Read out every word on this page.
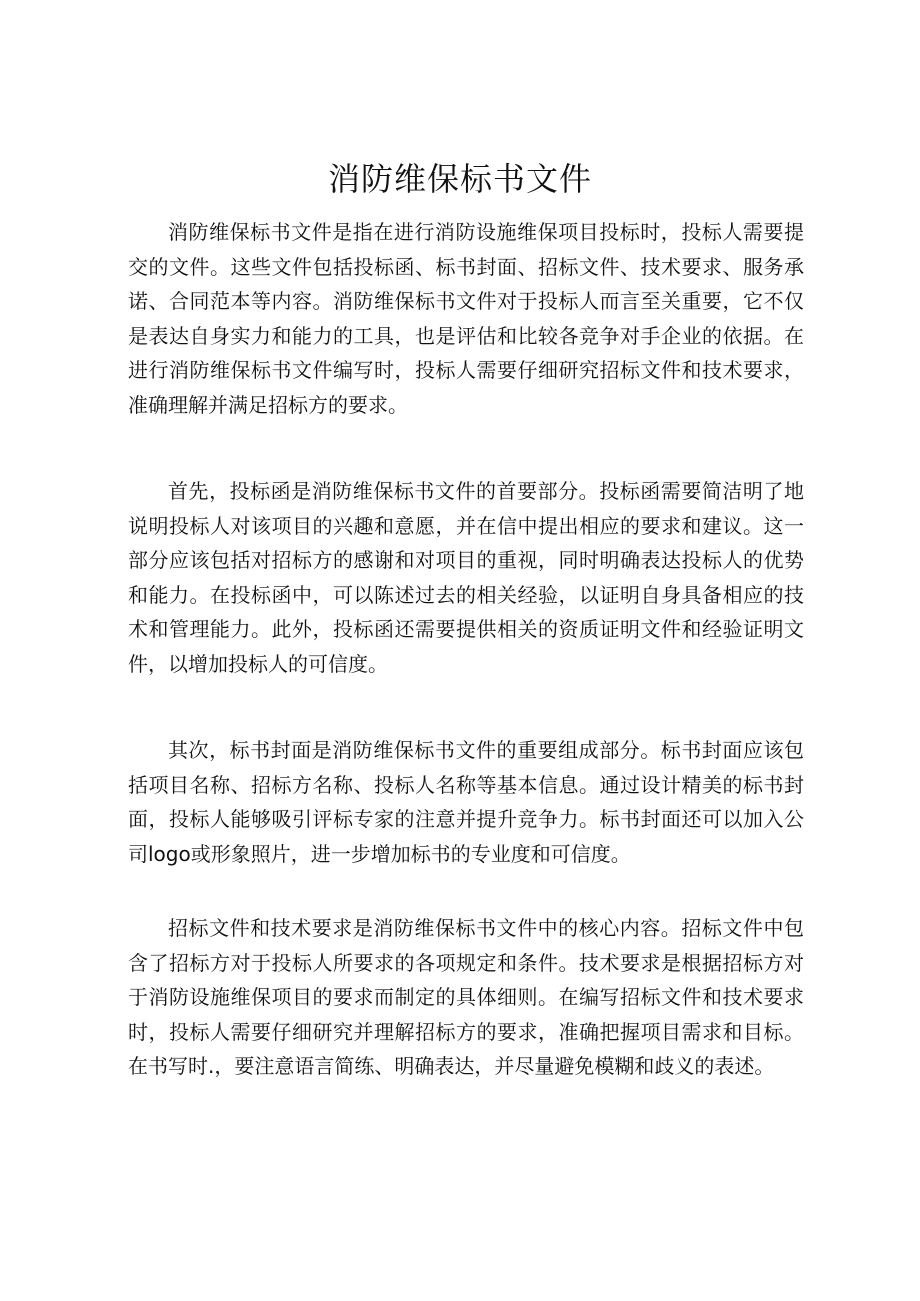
消防维保标书文件

消防维保标书文件是指在进行消防设施维保项目投标时，投标人需要提交的文件。这些文件包括投标函、标书封面、招标文件、技术要求、服务承诺、合同范本等内容。消防维保标书文件对于投标人而言至关重要，它不仅是表达自身实力和能力的工具，也是评估和比较各竞争对手企业的依据。在进行消防维保标书文件编写时，投标人需要仔细研究招标文件和技术要求，准确理解并满足招标方的要求。

首先，投标函是消防维保标书文件的首要部分。投标函需要简洁明了地说明投标人对该项目的兴趣和意愿，并在信中提出相应的要求和建议。这一部分应该包括对招标方的感谢和对项目的重视，同时明确表达投标人的优势和能力。在投标函中，可以陈述过去的相关经验，以证明自身具备相应的技术和管理能力。此外，投标函还需要提供相关的资质证明文件和经验证明文件，以增加投标人的可信度。

其次，标书封面是消防维保标书文件的重要组成部分。标书封面应该包括项目名称、招标方名称、投标人名称等基本信息。通过设计精美的标书封面，投标人能够吸引评标专家的注意并提升竞争力。标书封面还可以加入公司logo或形象照片，进一步增加标书的专业度和可信度。

招标文件和技术要求是消防维保标书文件中的核心内容。招标文件中包含了招标方对于投标人所要求的各项规定和条件。技术要求是根据招标方对于消防设施维保项目的要求而制定的具体细则。在编写招标文件和技术要求时，投标人需要仔细研究并理解招标方的要求，准确把握项目需求和目标。在书写时.，要注意语言简练、明确表达，并尽量避免模糊和歧义的表述。
